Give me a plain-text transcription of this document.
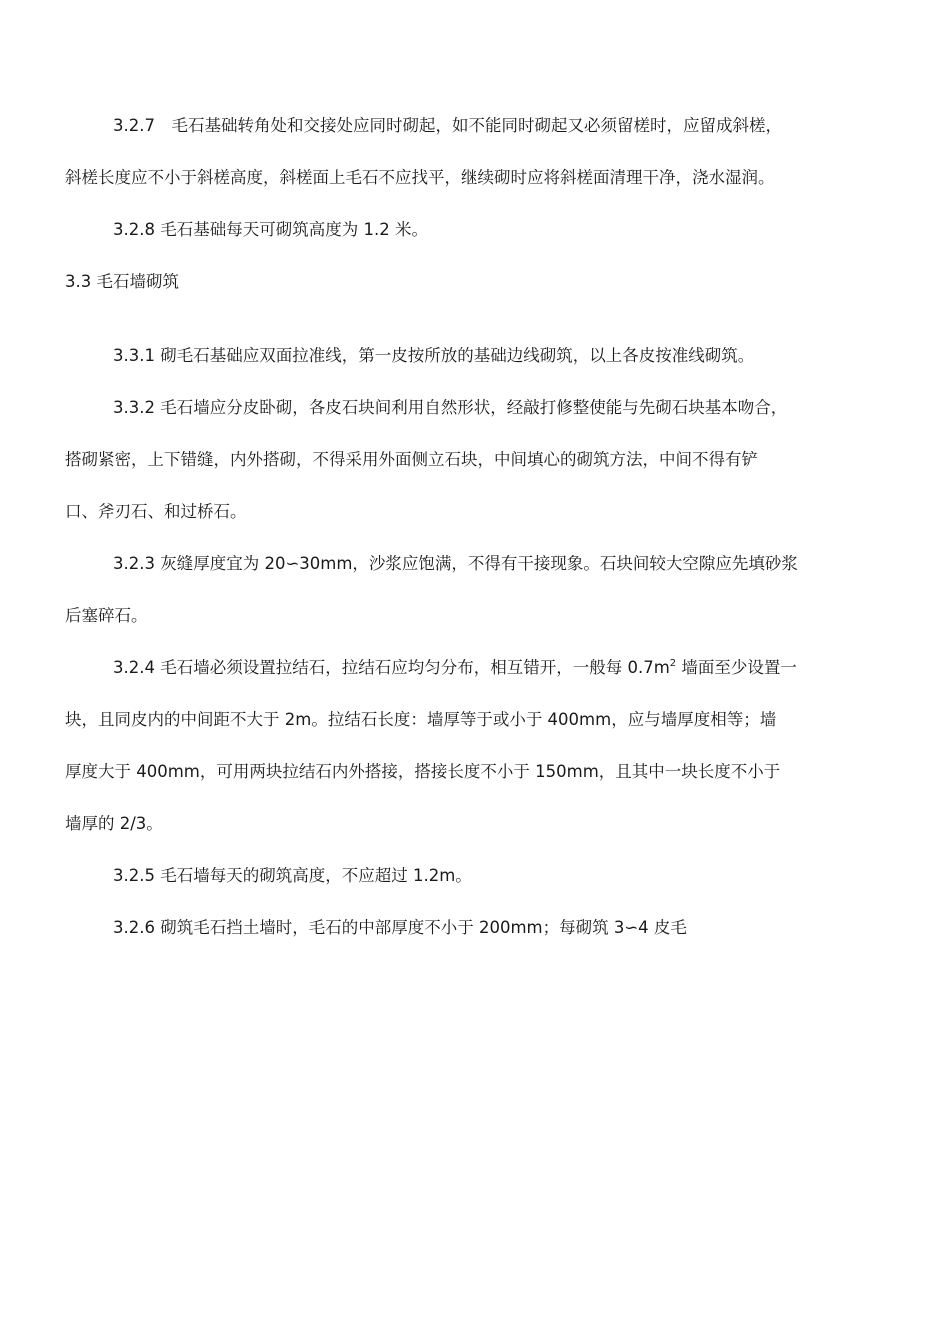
3.2.7　毛石基础转角处和交接处应同时砌起，如不能同时砌起又必须留槎时，应留成斜槎，
斜槎长度应不小于斜槎高度，斜槎面上毛石不应找平，继续砌时应将斜槎面清理干净，浇水湿润。

3.2.8 毛石基础每天可砌筑高度为 1.2 米。

3.3 毛石墙砌筑

3.3.1 砌毛石基础应双面拉准线，第一皮按所放的基础边线砌筑，以上各皮按准线砌筑。

3.3.2 毛石墙应分皮卧砌，各皮石块间利用自然形状，经敲打修整使能与先砌石块基本吻合，
搭砌紧密，上下错缝，内外搭砌，不得采用外面侧立石块，中间填心的砌筑方法，中间不得有铲
口、斧刃石、和过桥石。

3.2.3 灰缝厚度宜为 20∽30mm，沙浆应饱满，不得有干接现象。石块间较大空隙应先填砂浆
后塞碎石。

3.2.4 毛石墙必须设置拉结石，拉结石应均匀分布，相互错开，一般每 $0.7m^2$ 墙面至少设置一
块，且同皮内的中间距不大于 2m。拉结石长度：墙厚等于或小于 400mm，应与墙厚度相等；墙
厚度大于 400mm，可用两块拉结石内外搭接，搭接长度不小于 150mm，且其中一块长度不小于
墙厚的 2/3。

3.2.5 毛石墙每天的砌筑高度，不应超过 1.2m。

3.2.6 砌筑毛石挡土墙时，毛石的中部厚度不小于 200mm；每砌筑 3∽4 皮毛
